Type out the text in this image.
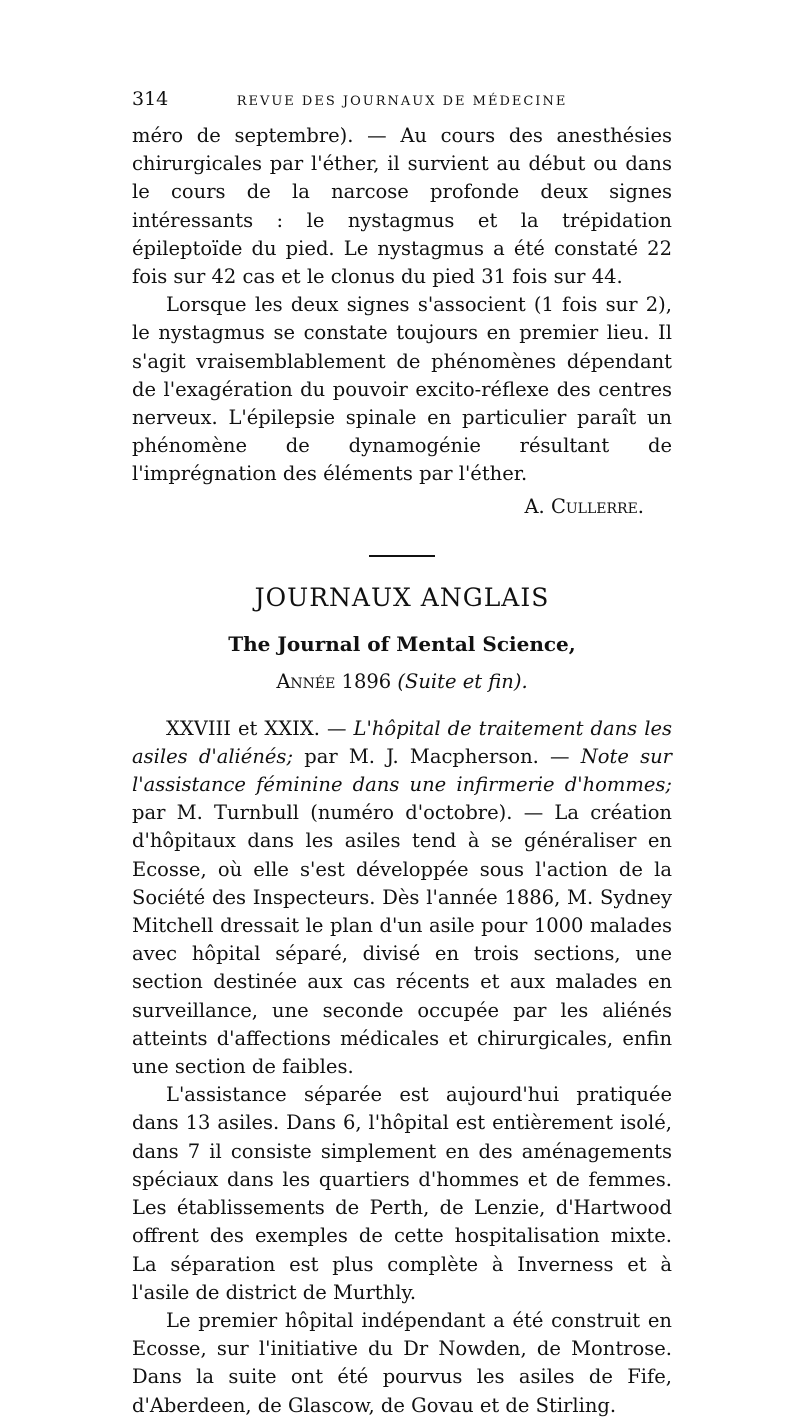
314	REVUE DES JOURNAUX DE MÉDECINE

méro de septembre). — Au cours des anesthésies chirurgicales par l'éther, il survient au début ou dans le cours de la narcose profonde deux signes intéressants : le nystagmus et la trépidation épileptoïde du pied. Le nystagmus a été constaté 22 fois sur 42 cas et le clonus du pied 31 fois sur 44.

Lorsque les deux signes s'associent (1 fois sur 2), le nystagmus se constate toujours en premier lieu. Il s'agit vraisemblablement de phénomènes dépendant de l'exagération du pouvoir excito-réflexe des centres nerveux. L'épilepsie spinale en particulier paraît un phénomène de dynamogénie résultant de l'imprégnation des éléments par l'éther.

A. Cullerre.
JOURNAUX ANGLAIS
The Journal of Mental Science,
Année 1896 (Suite et fin).

XXVIII et XXIX. — L'hôpital de traitement dans les asiles d'aliénés; par M. J. Macpherson. — Note sur l'assistance féminine dans une infirmerie d'hommes; par M. Turnbull (numéro d'octobre). — La création d'hôpitaux dans les asiles tend à se généraliser en Ecosse, où elle s'est développée sous l'action de la Société des Inspecteurs. Dès l'année 1886, M. Sydney Mitchell dressait le plan d'un asile pour 1000 malades avec hôpital séparé, divisé en trois sections, une section destinée aux cas récents et aux malades en surveillance, une seconde occupée par les aliénés atteints d'affections médicales et chirurgicales, enfin une section de faibles.

L'assistance séparée est aujourd'hui pratiquée dans 13 asiles. Dans 6, l'hôpital est entièrement isolé, dans 7 il consiste simplement en des aménagements spéciaux dans les quartiers d'hommes et de femmes. Les établissements de Perth, de Lenzie, d'Hartwood offrent des exemples de cette hospitalisation mixte. La séparation est plus complète à Inverness et à l'asile de district de Murthly.

Le premier hôpital indépendant a été construit en Ecosse, sur l'initiative du Dr Nowden, de Montrose. Dans la suite ont été pourvus les asiles de Fife, d'Aberdeen, de Glascow, de Govau et de Stirling.
